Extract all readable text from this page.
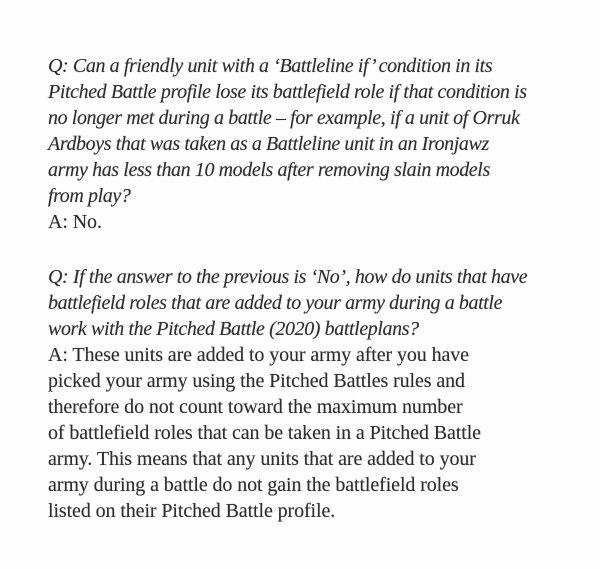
Q: Can a friendly unit with a ‘Battleline if’ condition in its
Pitched Battle profile lose its battlefield role if that condition is
no longer met during a battle – for example, if a unit of Orruk
Ardboys that was taken as a Battleline unit in an Ironjawz
army has less than 10 models after removing slain models
from play?

A: No.

Q: If the answer to the previous is ‘No’, how do units that have
battlefield roles that are added to your army during a battle
work with the Pitched Battle (2020) battleplans?

A: These units are added to your army after you have
picked your army using the Pitched Battles rules and
therefore do not count toward the maximum number
of battlefield roles that can be taken in a Pitched Battle
army. This means that any units that are added to your
army during a battle do not gain the battlefield roles
listed on their Pitched Battle profile.
